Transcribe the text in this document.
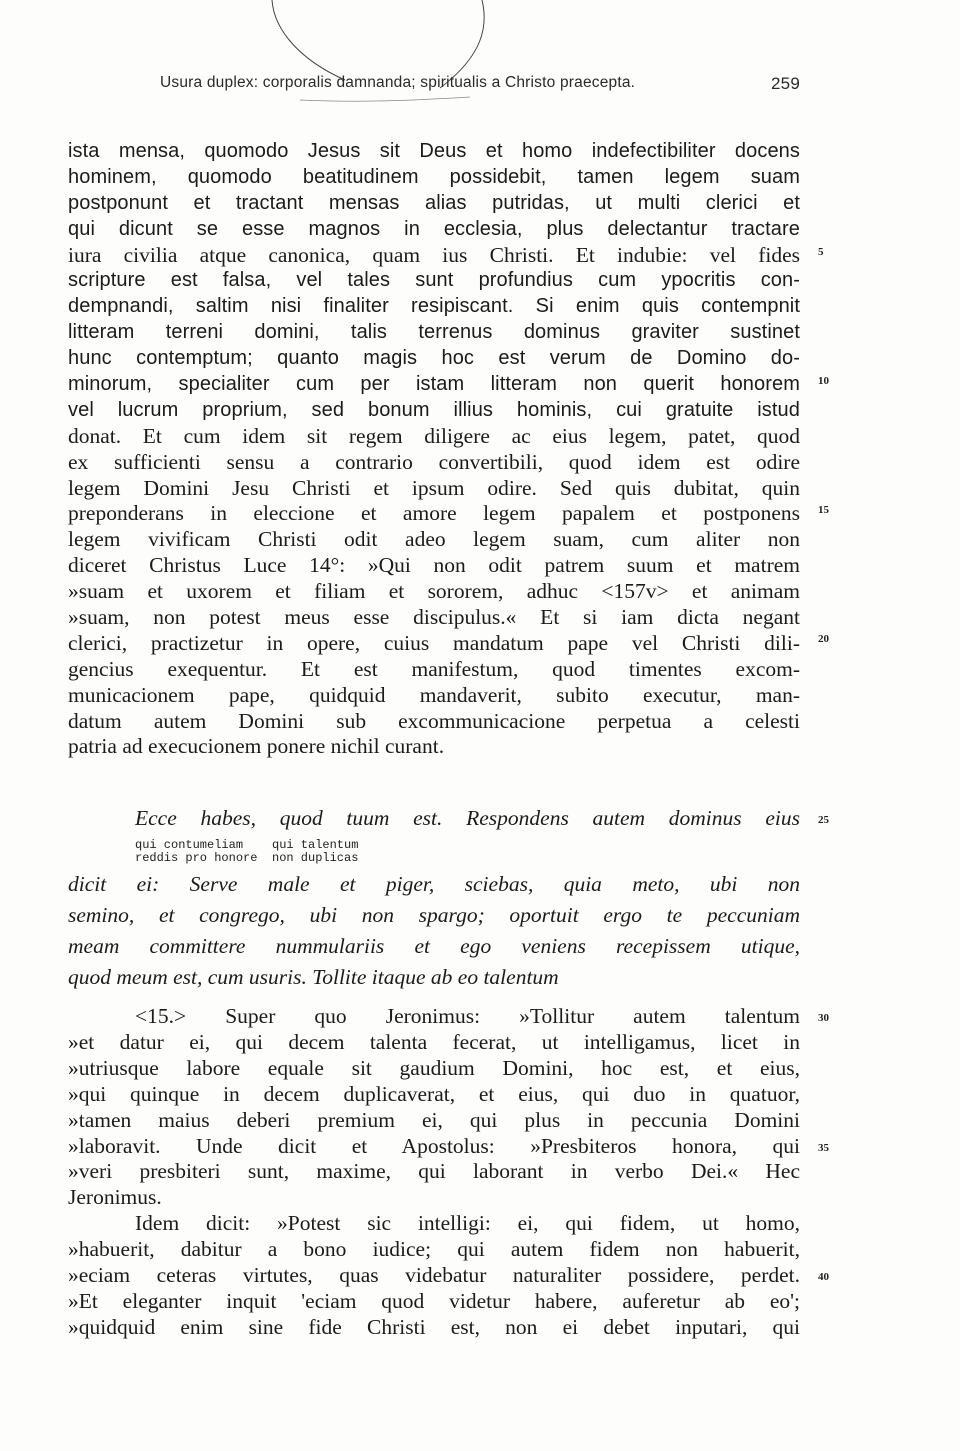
Usura duplex: corporalis damnanda; spiritualis a Christo praecepta.	259
ista mensa, quomodo Jesus sit Deus et homo indefectibiliter docens
hominem, quomodo beatitudinem possidebit, tamen legem suam
postponunt et tractant mensas alias putridas, ut multi clerici et
qui dicunt se esse magnos in ecclesia, plus delectantur tractare
iura civilia atque canonica, quam ius Christi. Et indubie: vel fides
scripture est falsa, vel tales sunt profundius cum ypocritis con-
dempnandi, saltim nisi finaliter resipiscant. Si enim quis contempnit
litteram terreni domini, talis terrenus dominus graviter sustinet
hunc contemptum; quanto magis hoc est verum de Domino do-
minorum, specialiter cum per istam litteram non querit honorem
vel lucrum proprium, sed bonum illius hominis, cui gratuite istud
donat. Et cum idem sit regem diligere ac eius legem, patet, quod
ex sufficienti sensu a contrario convertibili, quod idem est odire
legem Domini Jesu Christi et ipsum odire. Sed quis dubitat, quin
preponderans in eleccione et amore legem papalem et postponens
legem vivificam Christi odit adeo legem suam, cum aliter non
diceret Christus Luce 14°: »Qui non odit patrem suum et matrem
»suam et uxorem et filiam et sororem, adhuc <157v> et animam
»suam, non potest meus esse discipulus.« Et si iam dicta negant
clerici, practizetur in opere, cuius mandatum pape vel Christi dili-
gencius exequentur. Et est manifestum, quod timentes excom-
municacionem pape, quidquid mandaverit, subito executur, man-
datum autem Domini sub excommunicacione perpetua a celesti
patria ad execucionem ponere nichil curant.
5
10
15
20
Ecce habes, quod tuum est. Respondens autem dominus eius 25
qui contumeliam
reddis pro honore
qui talentum
non duplicas
dicit ei: Serve male et piger, sciebas, quia meto, ubi non
semino, et congrego, ubi non spargo; oportuit ergo te peccuniam
meam committere nummulariis et ego veniens recepissem utique,
quod meum est, cum usuris. Tollite itaque ab eo talentum
<15.> Super quo Jeronimus: »Tollitur autem talentum
»et datur ei, qui decem talenta fecerat, ut intelligamus, licet in
»utriusque labore equale sit gaudium Domini, hoc est, et eius,
»qui quinque in decem duplicaverat, et eius, qui duo in quatuor,
»tamen maius deberi premium ei, qui plus in peccunia Domini
»laboravit. Unde dicit et Apostolus: »Presbiteros honora, qui
»veri presbiteri sunt, maxime, qui laborant in verbo Dei.« Hec
Jeronimus.
Idem dicit: »Potest sic intelligi: ei, qui fidem, ut homo,
»habuerit, dabitur a bono iudice; qui autem fidem non habuerit,
»eciam ceteras virtutes, quas videbatur naturaliter possidere, perdet.
»Et eleganter inquit 'eciam quod videtur habere, auferetur ab eo';
»quidquid enim sine fide Christi est, non ei debet inputari, qui
30
35
40
